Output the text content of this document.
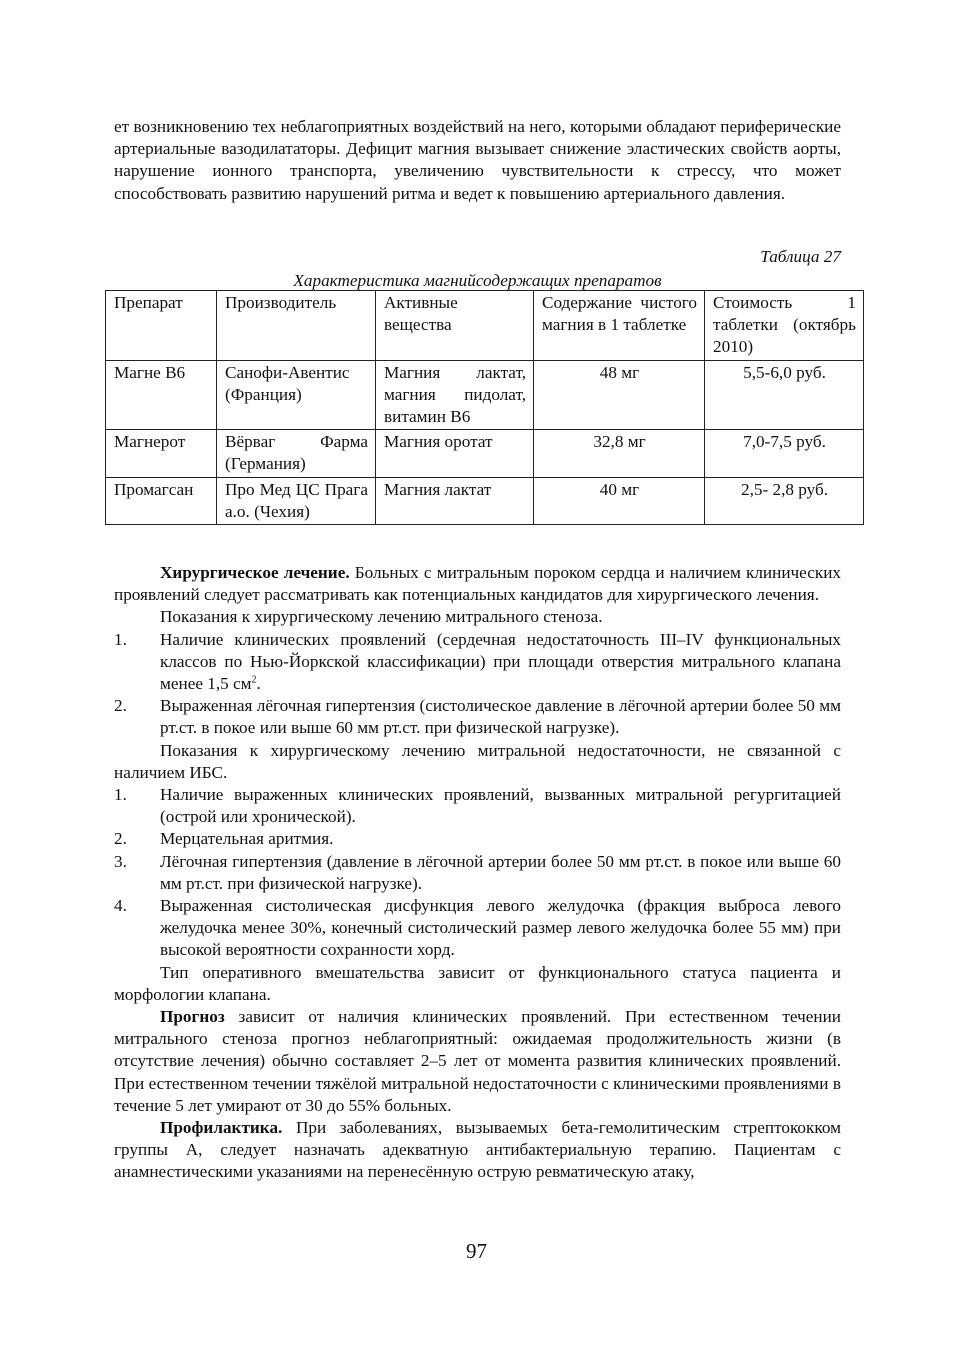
ет возникновению тех неблагоприятных воздействий на него, которыми обладают периферические артериальные вазодилататоры. Дефицит магния вызывает снижение эластических свойств аорты, нарушение ионного транспорта, увеличению чувствительности к стрессу, что может способствовать развитию нарушений ритма и ведет к повышению артериального давления.

Таблица 27
Характеристика магнийсодержащих препаратов
Препарат	Производитель	Активные вещества	Содержание чистого магния в 1 таблетке	Стоимость 1 таблетки (октябрь 2010)
Магне В6	Санофи-Авентис (Франция)	Магния лактат, магния пидолат, витамин В6	48 мг	5,5-6,0 руб.
Магнерот	Вёрваг Фарма (Германия)	Магния оротат	32,8 мг	7,0-7,5 руб.
Промагсан	Про Мед ЦС Прага а.о. (Чехия)	Магния лактат	40 мг	2,5- 2,8 руб.

Хирургическое лечение. Больных с митральным пороком сердца и наличием клинических проявлений следует рассматривать как потенциальных кандидатов для хирургического лечения.

Показания к хирургическому лечению митрального стеноза.

1.	Наличие клинических проявлений (сердечная недостаточность III–IV функциональных классов по Нью-Йоркской классификации) при площади отверстия митрального клапана менее 1,5 $см^2$.
2.	Выраженная лёгочная гипертензия (систолическое давление в лёгочной артерии более 50 мм рт.ст. в покое или выше 60 мм рт.ст. при физической нагрузке).

Показания к хирургическому лечению митральной недостаточности, не связанной с наличием ИБС.

1.	Наличие выраженных клинических проявлений, вызванных митральной регургитацией (острой или хронической).
2.	Мерцательная аритмия.
3.	Лёгочная гипертензия (давление в лёгочной артерии более 50 мм рт.ст. в покое или выше 60 мм рт.ст. при физической нагрузке).
4.	Выраженная систолическая дисфункция левого желудочка (фракция выброса левого желудочка менее 30%, конечный систолический размер левого желудочка более 55 мм) при высокой вероятности сохранности хорд.

Тип оперативного вмешательства зависит от функционального статуса пациента и морфологии клапана.

Прогноз зависит от наличия клинических проявлений. При естественном течении митрального стеноза прогноз неблагоприятный: ожидаемая продолжительность жизни (в отсутствие лечения) обычно составляет 2–5 лет от момента развития клинических проявлений. При естественном течении тяжёлой митральной недостаточности с клиническими проявлениями в течение 5 лет умирают от 30 до 55% больных.

Профилактика. При заболеваниях, вызываемых бета-гемолитическим стрептококком группы А, следует назначать адекватную антибактериальную терапию. Пациентам с анамнестическими указаниями на перенесённую острую ревматическую атаку,

97
